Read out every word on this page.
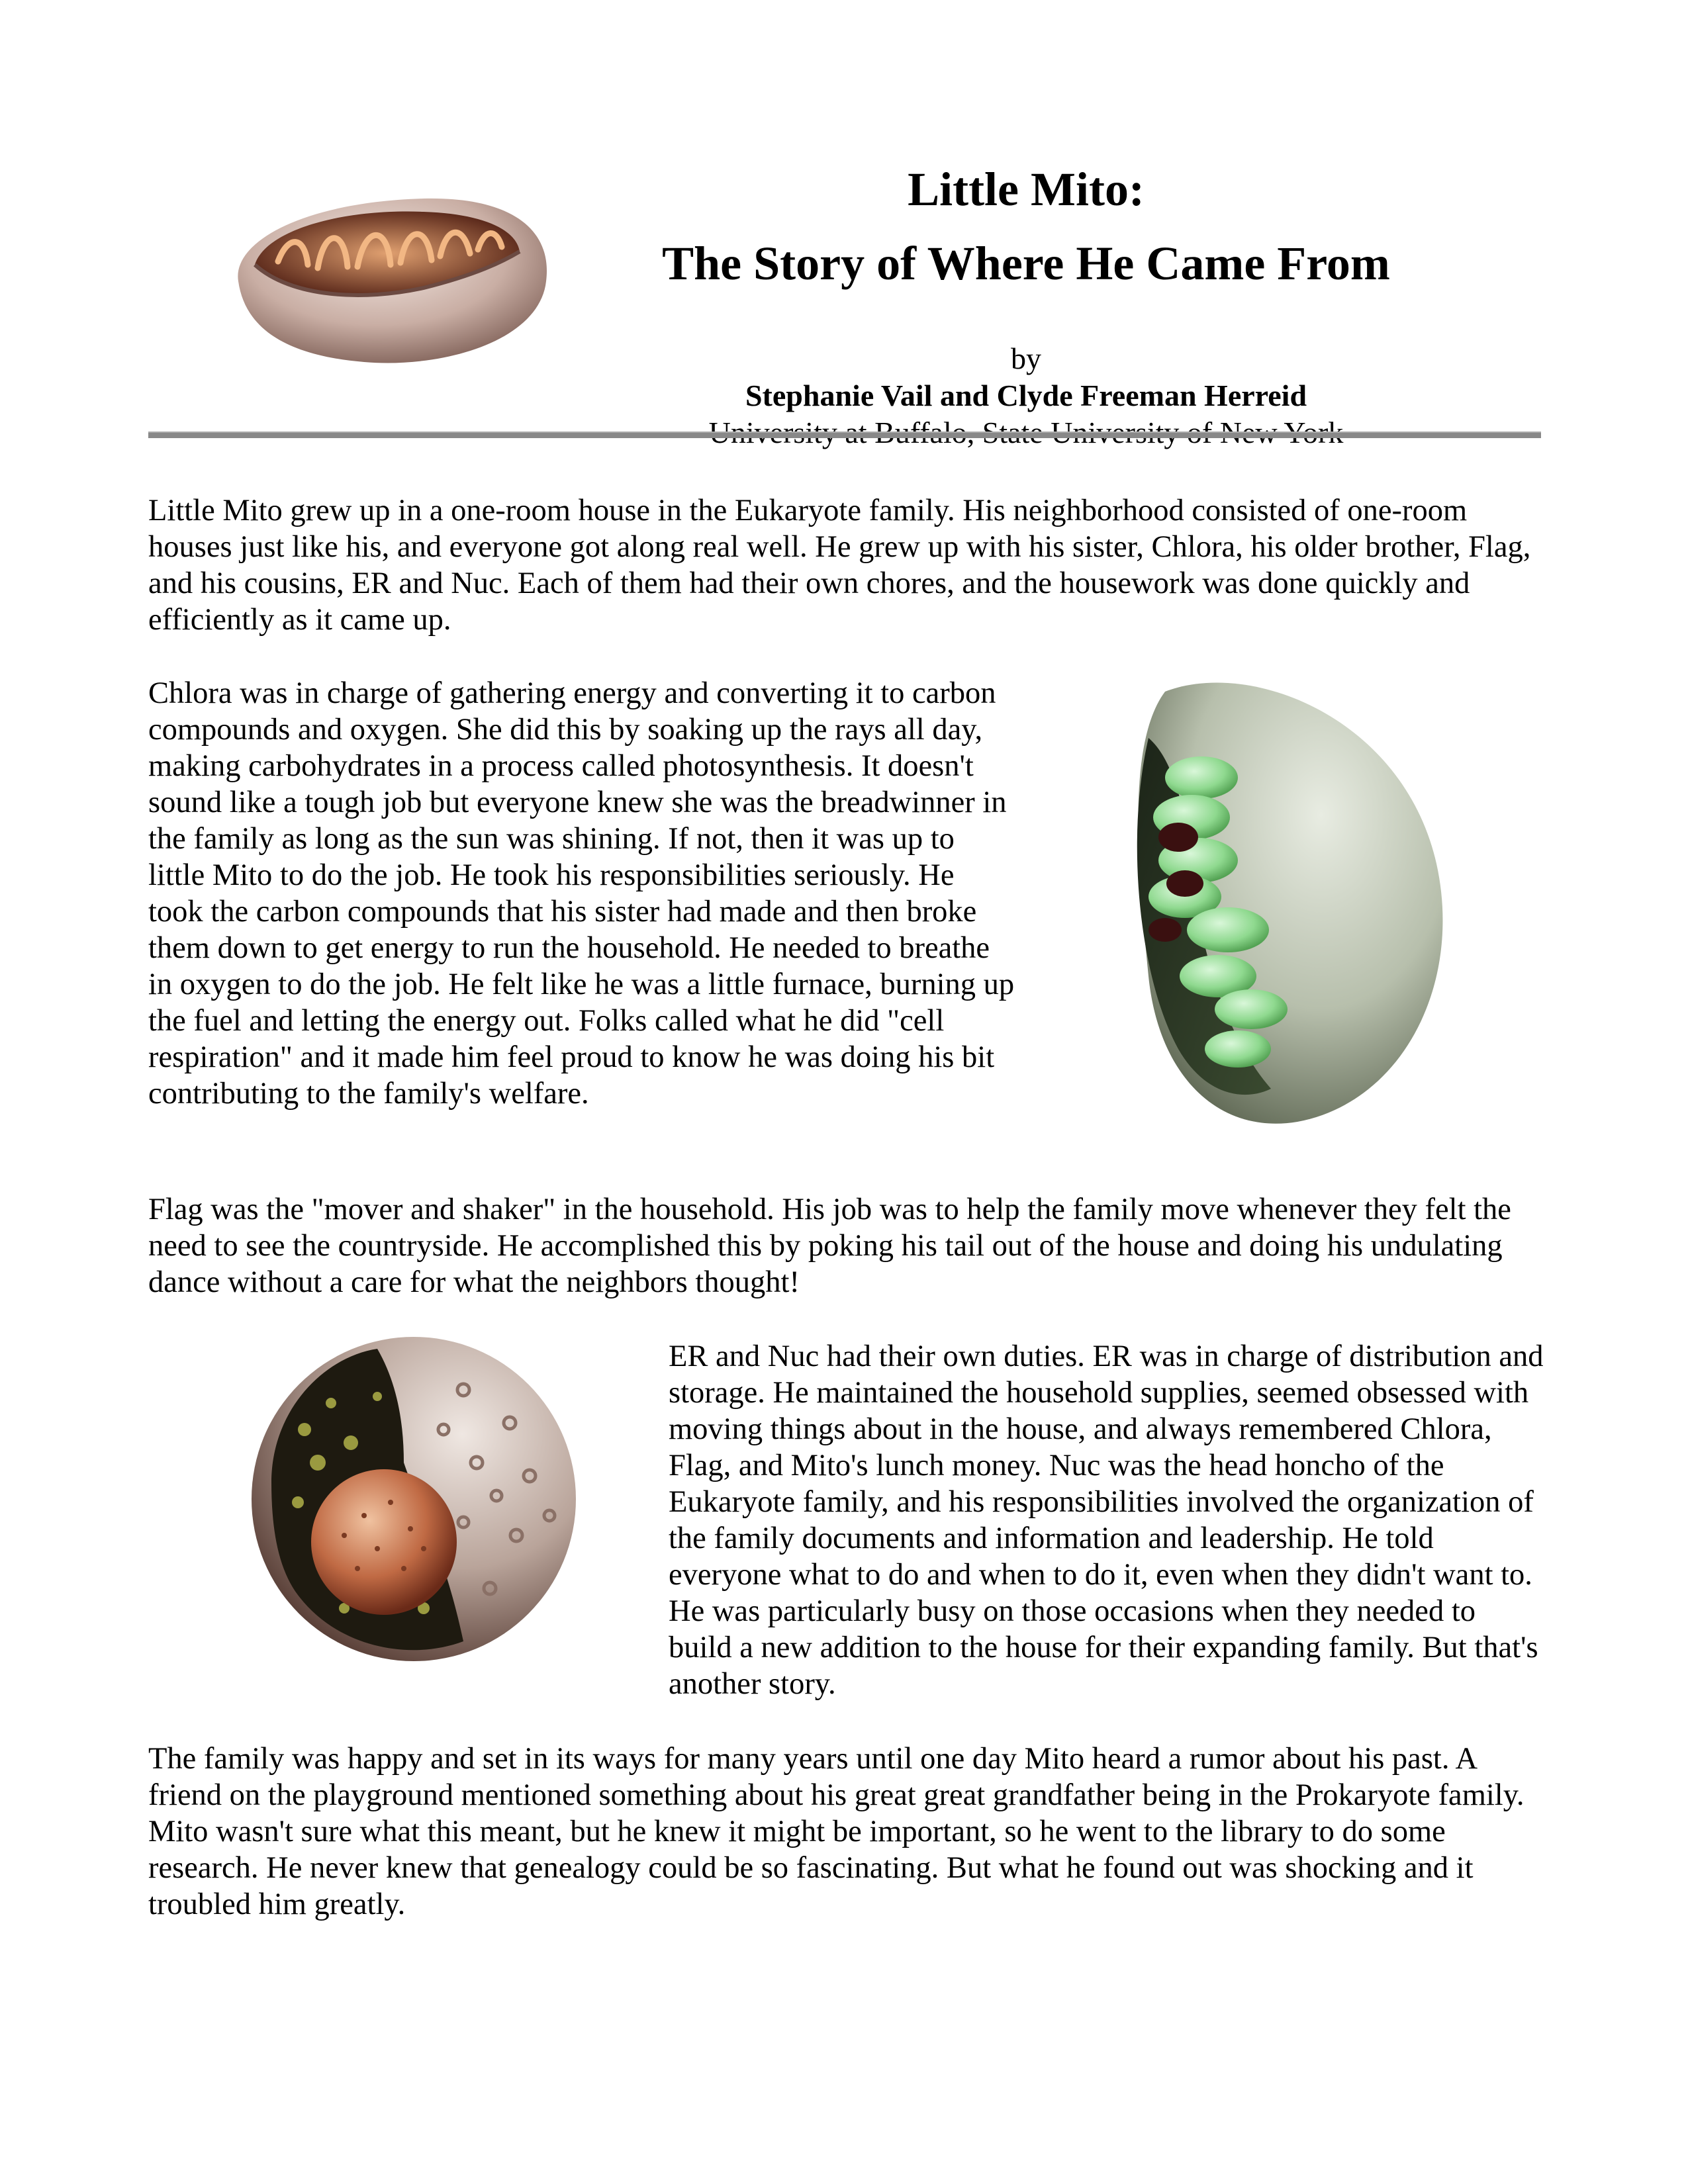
Little Mito:
The Story of Where He Came From
by
Stephanie Vail and Clyde Freeman Herreid

Little Mito grew up in a one-room house in the Eukaryote family. His neighborhood consisted of one-room houses just like his, and everyone got along real well. He grew up with his sister, Chlora, his older brother, Flag, and his cousins, ER and Nuc. Each of them had their own chores, and the housework was done quickly and efficiently as it came up.

Chlora was in charge of gathering energy and converting it to carbon compounds and oxygen. She did this by soaking up the rays all day, making carbohydrates in a process called photosynthesis. It doesn't sound like a tough job but everyone knew she was the breadwinner in the family as long as the sun was shining. If not, then it was up to little Mito to do the job. He took his responsibilities seriously. He took the carbon compounds that his sister had made and then broke them down to get energy to run the household. He needed to breathe in oxygen to do the job. He felt like he was a little furnace, burning up the fuel and letting the energy out. Folks called what he did "cell respiration" and it made him feel proud to know he was doing his bit contributing to the family's welfare.

Flag was the "mover and shaker" in the household. His job was to help the family move whenever they felt the need to see the countryside. He accomplished this by poking his tail out of the house and doing his undulating dance without a care for what the neighbors thought!

ER and Nuc had their own duties. ER was in charge of distribution and storage. He maintained the household supplies, seemed obsessed with moving things about in the house, and always remembered Chlora, Flag, and Mito's lunch money. Nuc was the head honcho of the Eukaryote family, and his responsibilities involved the organization of the family documents and information and leadership. He told everyone what to do and when to do it, even when they didn't want to. He was particularly busy on those occasions when they needed to build a new addition to the house for their expanding family. But that's another story.

The family was happy and set in its ways for many years until one day Mito heard a rumor about his past. A friend on the playground mentioned something about his great great grandfather being in the Prokaryote family. Mito wasn't sure what this meant, but he knew it might be important, so he went to the library to do some research. He never knew that genealogy could be so fascinating. But what he found out was shocking and it troubled him greatly.
